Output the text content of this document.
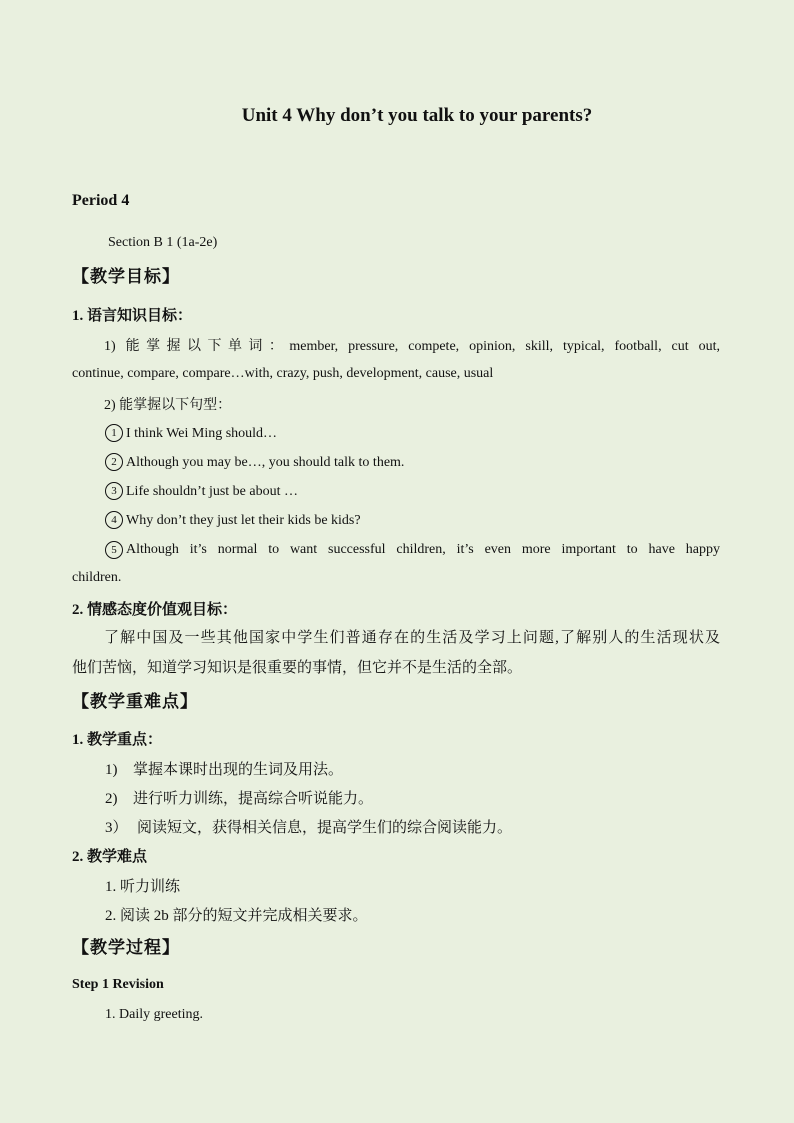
Unit 4 Why don’t you talk to your parents?
Period 4
Section B 1 (1a-2e)
【教学目标】
1. 语言知识目标：
1) 能掌握以下单词：member, pressure, compete, opinion, skill, typical, football, cut out,
continue, compare, compare…with, crazy, push, development, cause, usual
2) 能掌握以下句型：
1 I think Wei Ming should…
2 Although you may be…, you should talk to them.
3 Life shouldn’t just be about …
4 Why don’t they just let their kids be kids?
5 Although it’s normal to want successful children, it’s even more important to have happy
children.
2. 情感态度价值观目标：
了解中国及一些其他国家中学生们普通存在的生活及学习上问题,了解别人的生活现状及
他们苦恼，知道学习知识是很重要的事情，但它并不是生活的全部。
【教学重难点】
1. 教学重点：
1) 掌握本课时出现的生词及用法。
2) 进行听力训练，提高综合听说能力。
3） 阅读短文，获得相关信息，提高学生们的综合阅读能力。
2. 教学难点
1. 听力训练
2. 阅读 2b 部分的短文并完成相关要求。
【教学过程】
Step 1 Revision
1. Daily greeting.
